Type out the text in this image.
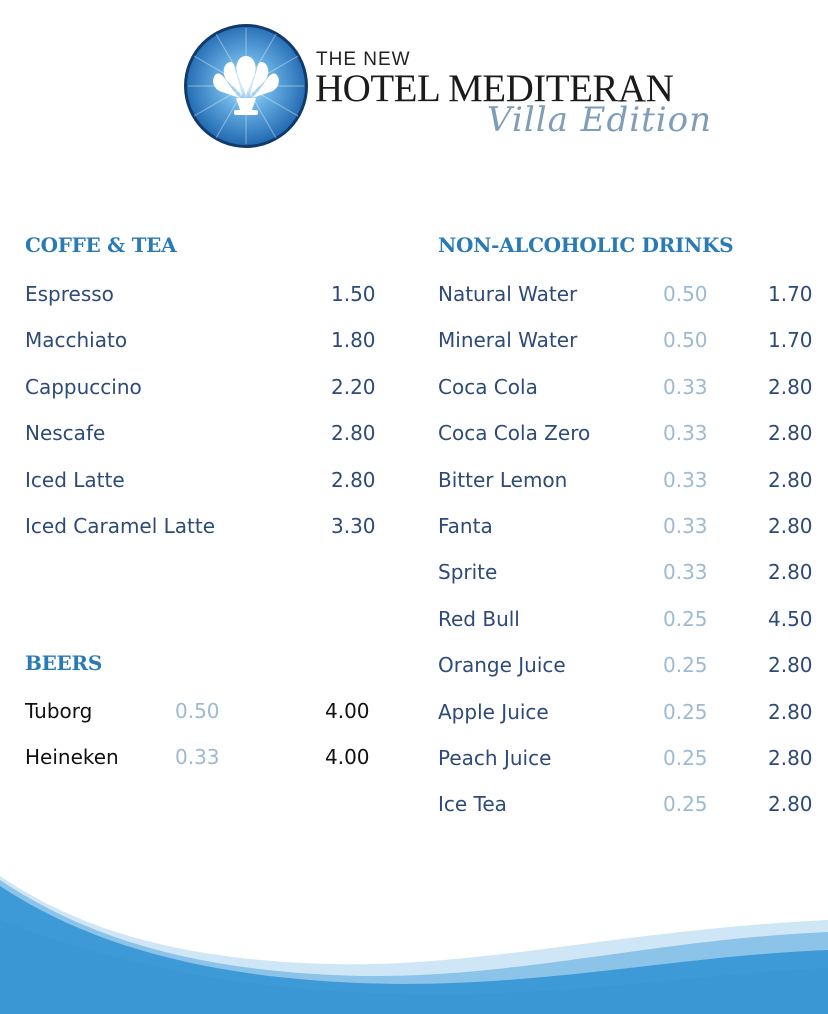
THE NEW
HOTEL MEDITERAN
Villa Edition
COFFE & TEA
Espresso	1.50
Macchiato	1.80
Cappuccino	2.20
Nescafe	2.80
Iced Latte	2.80
Iced Caramel Latte	3.30
BEERS
Tuborg	0.50	4.00
Heineken	0.33	4.00
NON-ALCOHOLIC DRINKS
Natural Water	0.50	1.70
Mineral Water	0.50	1.70
Coca Cola	0.33	2.80
Coca Cola Zero	0.33	2.80
Bitter Lemon	0.33	2.80
Fanta	0.33	2.80
Sprite	0.33	2.80
Red Bull	0.25	4.50
Orange Juice	0.25	2.80
Apple Juice	0.25	2.80
Peach Juice	0.25	2.80
Ice Tea	0.25	2.80
